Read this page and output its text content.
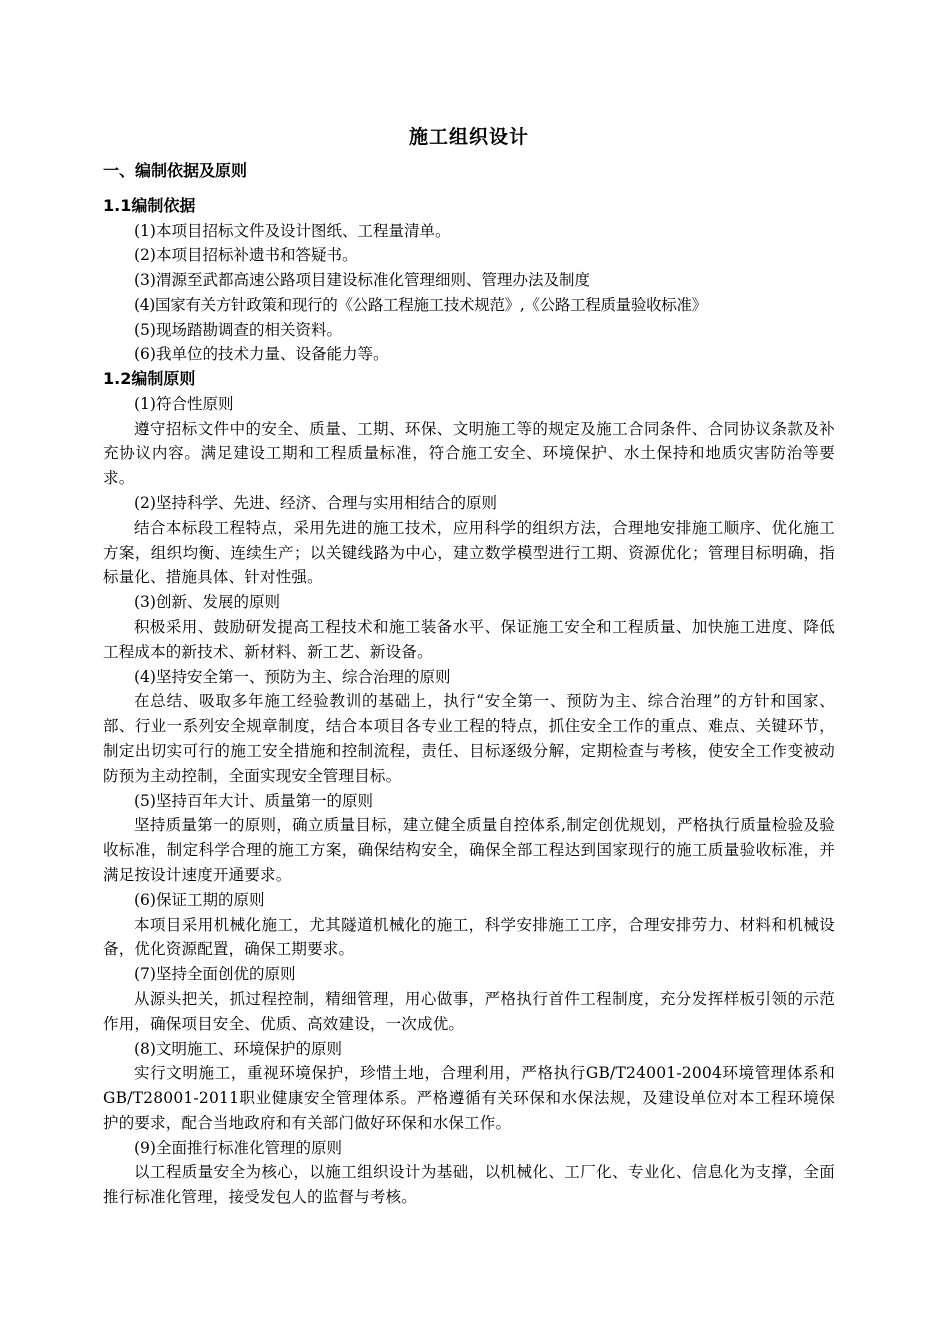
施工组织设计
一、编制依据及原则
1.1编制依据
(1)本项目招标文件及设计图纸、工程量清单。
(2)本项目招标补遗书和答疑书。
(3)渭源至武都高速公路项目建设标准化管理细则、管理办法及制度
(4)国家有关方针政策和现行的《公路工程施工技术规范》,《公路工程质量验收标准》
(5)现场踏勘调查的相关资料。
(6)我单位的技术力量、设备能力等。
1.2编制原则
(1)符合性原则
遵守招标文件中的安全、质量、工期、环保、文明施工等的规定及施工合同条件、合同协议条款及补充协议内容。满足建设工期和工程质量标准，符合施工安全、环境保护、水土保持和地质灾害防治等要求。
(2)坚持科学、先进、经济、合理与实用相结合的原则
结合本标段工程特点，采用先进的施工技术，应用科学的组织方法，合理地安排施工顺序、优化施工方案，组织均衡、连续生产；以关键线路为中心，建立数学模型进行工期、资源优化；管理目标明确，指标量化、措施具体、针对性强。
(3)创新、发展的原则
积极采用、鼓励研发提高工程技术和施工装备水平、保证施工安全和工程质量、加快施工进度、降低工程成本的新技术、新材料、新工艺、新设备。
(4)坚持安全第一、预防为主、综合治理的原则
在总结、吸取多年施工经验教训的基础上，执行“安全第一、预防为主、综合治理”的方针和国家、部、行业一系列安全规章制度，结合本项目各专业工程的特点，抓住安全工作的重点、难点、关键环节，制定出切实可行的施工安全措施和控制流程，责任、目标逐级分解，定期检查与考核，使安全工作变被动防预为主动控制，全面实现安全管理目标。
(5)坚持百年大计、质量第一的原则
坚持质量第一的原则，确立质量目标，建立健全质量自控体系,制定创优规划，严格执行质量检验及验收标准，制定科学合理的施工方案，确保结构安全，确保全部工程达到国家现行的施工质量验收标准，并满足按设计速度开通要求。
(6)保证工期的原则
本项目采用机械化施工，尤其隧道机械化的施工，科学安排施工工序，合理安排劳力、材料和机械设备，优化资源配置，确保工期要求。
(7)坚持全面创优的原则
从源头把关，抓过程控制，精细管理，用心做事，严格执行首件工程制度，充分发挥样板引领的示范作用，确保项目安全、优质、高效建设，一次成优。
(8)文明施工、环境保护的原则
实行文明施工，重视环境保护，珍惜土地，合理利用，严格执行GB/T24001-2004环境管理体系和GB/T28001-2011职业健康安全管理体系。严格遵循有关环保和水保法规，及建设单位对本工程环境保护的要求，配合当地政府和有关部门做好环保和水保工作。
(9)全面推行标准化管理的原则
以工程质量安全为核心，以施工组织设计为基础，以机械化、工厂化、专业化、信息化为支撑，全面推行标准化管理，接受发包人的监督与考核。
